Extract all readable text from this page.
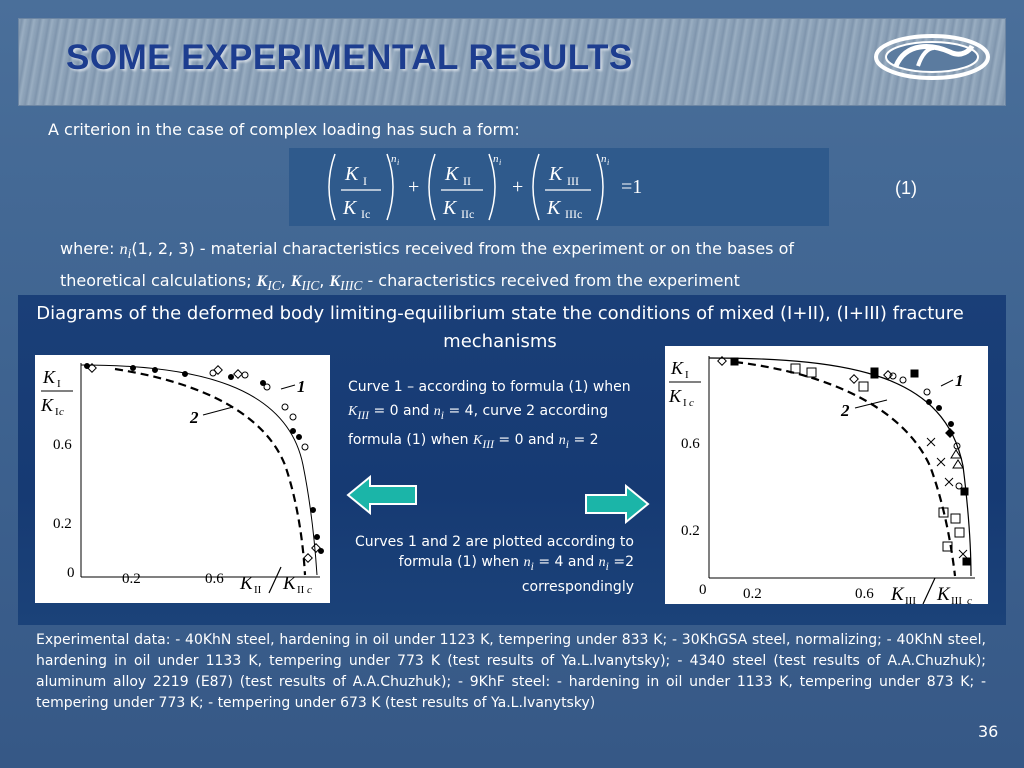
SOME EXPERIMENTAL RESULTS
A criterion in the case of complex loading has such a form:
K I
K Ic
n i
+
K II
K IIc
n i
+
K III
K IIIc
n i
=1	(1)
where: $n_i(1$, 2, 3) - material characteristics received from the experiment or on the bases of theoretical calculations; $K_{IC}$, $K_{IIC}$, $K_{IIIC}$ - characteristics received from the experiment
Diagrams of the deformed body limiting-equilibrium state the conditions of mixed (I+II), (I+III) fracture mechanisms
K I
K I c
0.6
0.2
0	0.2	0.6 K II K II c
1
2
K I
K I c
0.6
0.2
0 0.2	0.6 K III K III c
1
2
Curve 1 – according to formula (1) when $K_{III} = 0$ and $n_i = 4$, curve 2 according formula (1) when $K_{III} = 0$ and $n_i = 2$
Curves 1 and 2 are plotted according to formula (1) when $n_i = 4$ and $n_i =2$ correspondingly
Experimental data: - 40KhN steel, hardening in oil under 1123 K, tempering under 833 K; - 30KhGSA steel, normalizing; - 40KhN steel, hardening in oil under 1133 K, tempering under 773 K (test results of Ya.L.Ivanytsky); - 4340 steel (test results of A.A.Chuzhuk); aluminum alloy 2219 (E87) (test results of A.A.Chuzhuk); - 9KhF steel: - hardening in oil under 1133 K, tempering under 873 K; - tempering under 773 K; - tempering under 673 K (test results of Ya.L.Ivanytsky)
36
